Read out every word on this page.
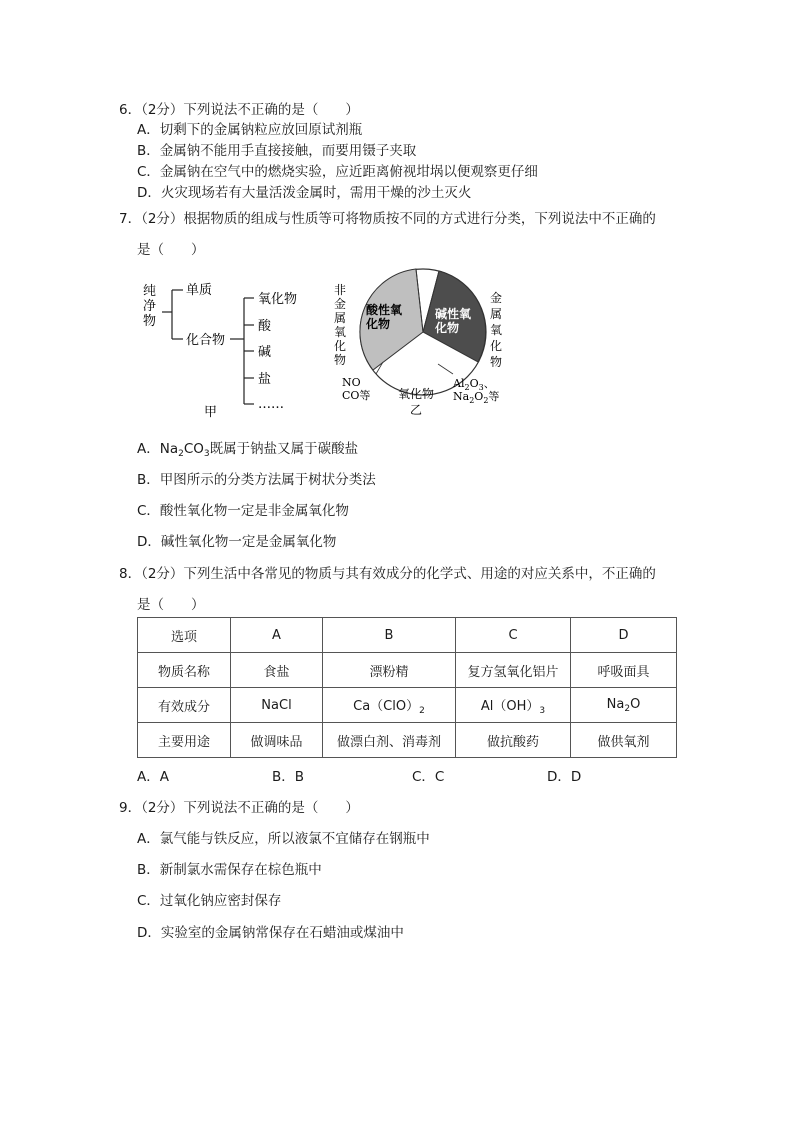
6．（2分）下列说法不正确的是（　　）
A．切剩下的金属钠粒应放回原试剂瓶
B．金属钠不能用手直接接触，而要用镊子夹取
C．金属钠在空气中的燃烧实验，应近距离俯视坩埚以便观察更仔细
D．火灾现场若有大量活泼金属时，需用干燥的沙土灭火
7．（2分）根据物质的组成与性质等可将物质按不同的方式进行分类，下列说法中不正确的
是（　　）
纯
净
物
单质
化合物
氧化物
酸
碱
盐
……
甲
非
金
属
氧
化
物
酸性氧
化物
碱性氧
化物
金
属
氧
化
物
NO
CO等 氧化物
$Al_2O_3$、
$Na_2O_2$等
乙
A．$Na_2CO_3$既属于钠盐又属于碳酸盐
B．甲图所示的分类方法属于树状分类法
C．酸性氧化物一定是非金属氧化物
D．碱性氧化物一定是金属氧化物
8．（2分）下列生活中各常见的物质与其有效成分的化学式、用途的对应关系中，不正确的
是（　　）
选项	A	B	C	D
物质名称	食盐	漂粉精	复方氢氧化铝片	呼吸面具
有效成分	NaCl	$Ca(ClO)_2$	$Al(OH)_3$	$Na_2O$
主要用途	做调味品	做漂白剂、消毒剂	做抗酸药	做供氧剂
A．A	B．B	C．C	D．D
9．（2分）下列说法不正确的是（　　）
A．氯气能与铁反应，所以液氯不宜储存在钢瓶中
B．新制氯水需保存在棕色瓶中
C．过氧化钠应密封保存
D．实验室的金属钠常保存在石蜡油或煤油中
